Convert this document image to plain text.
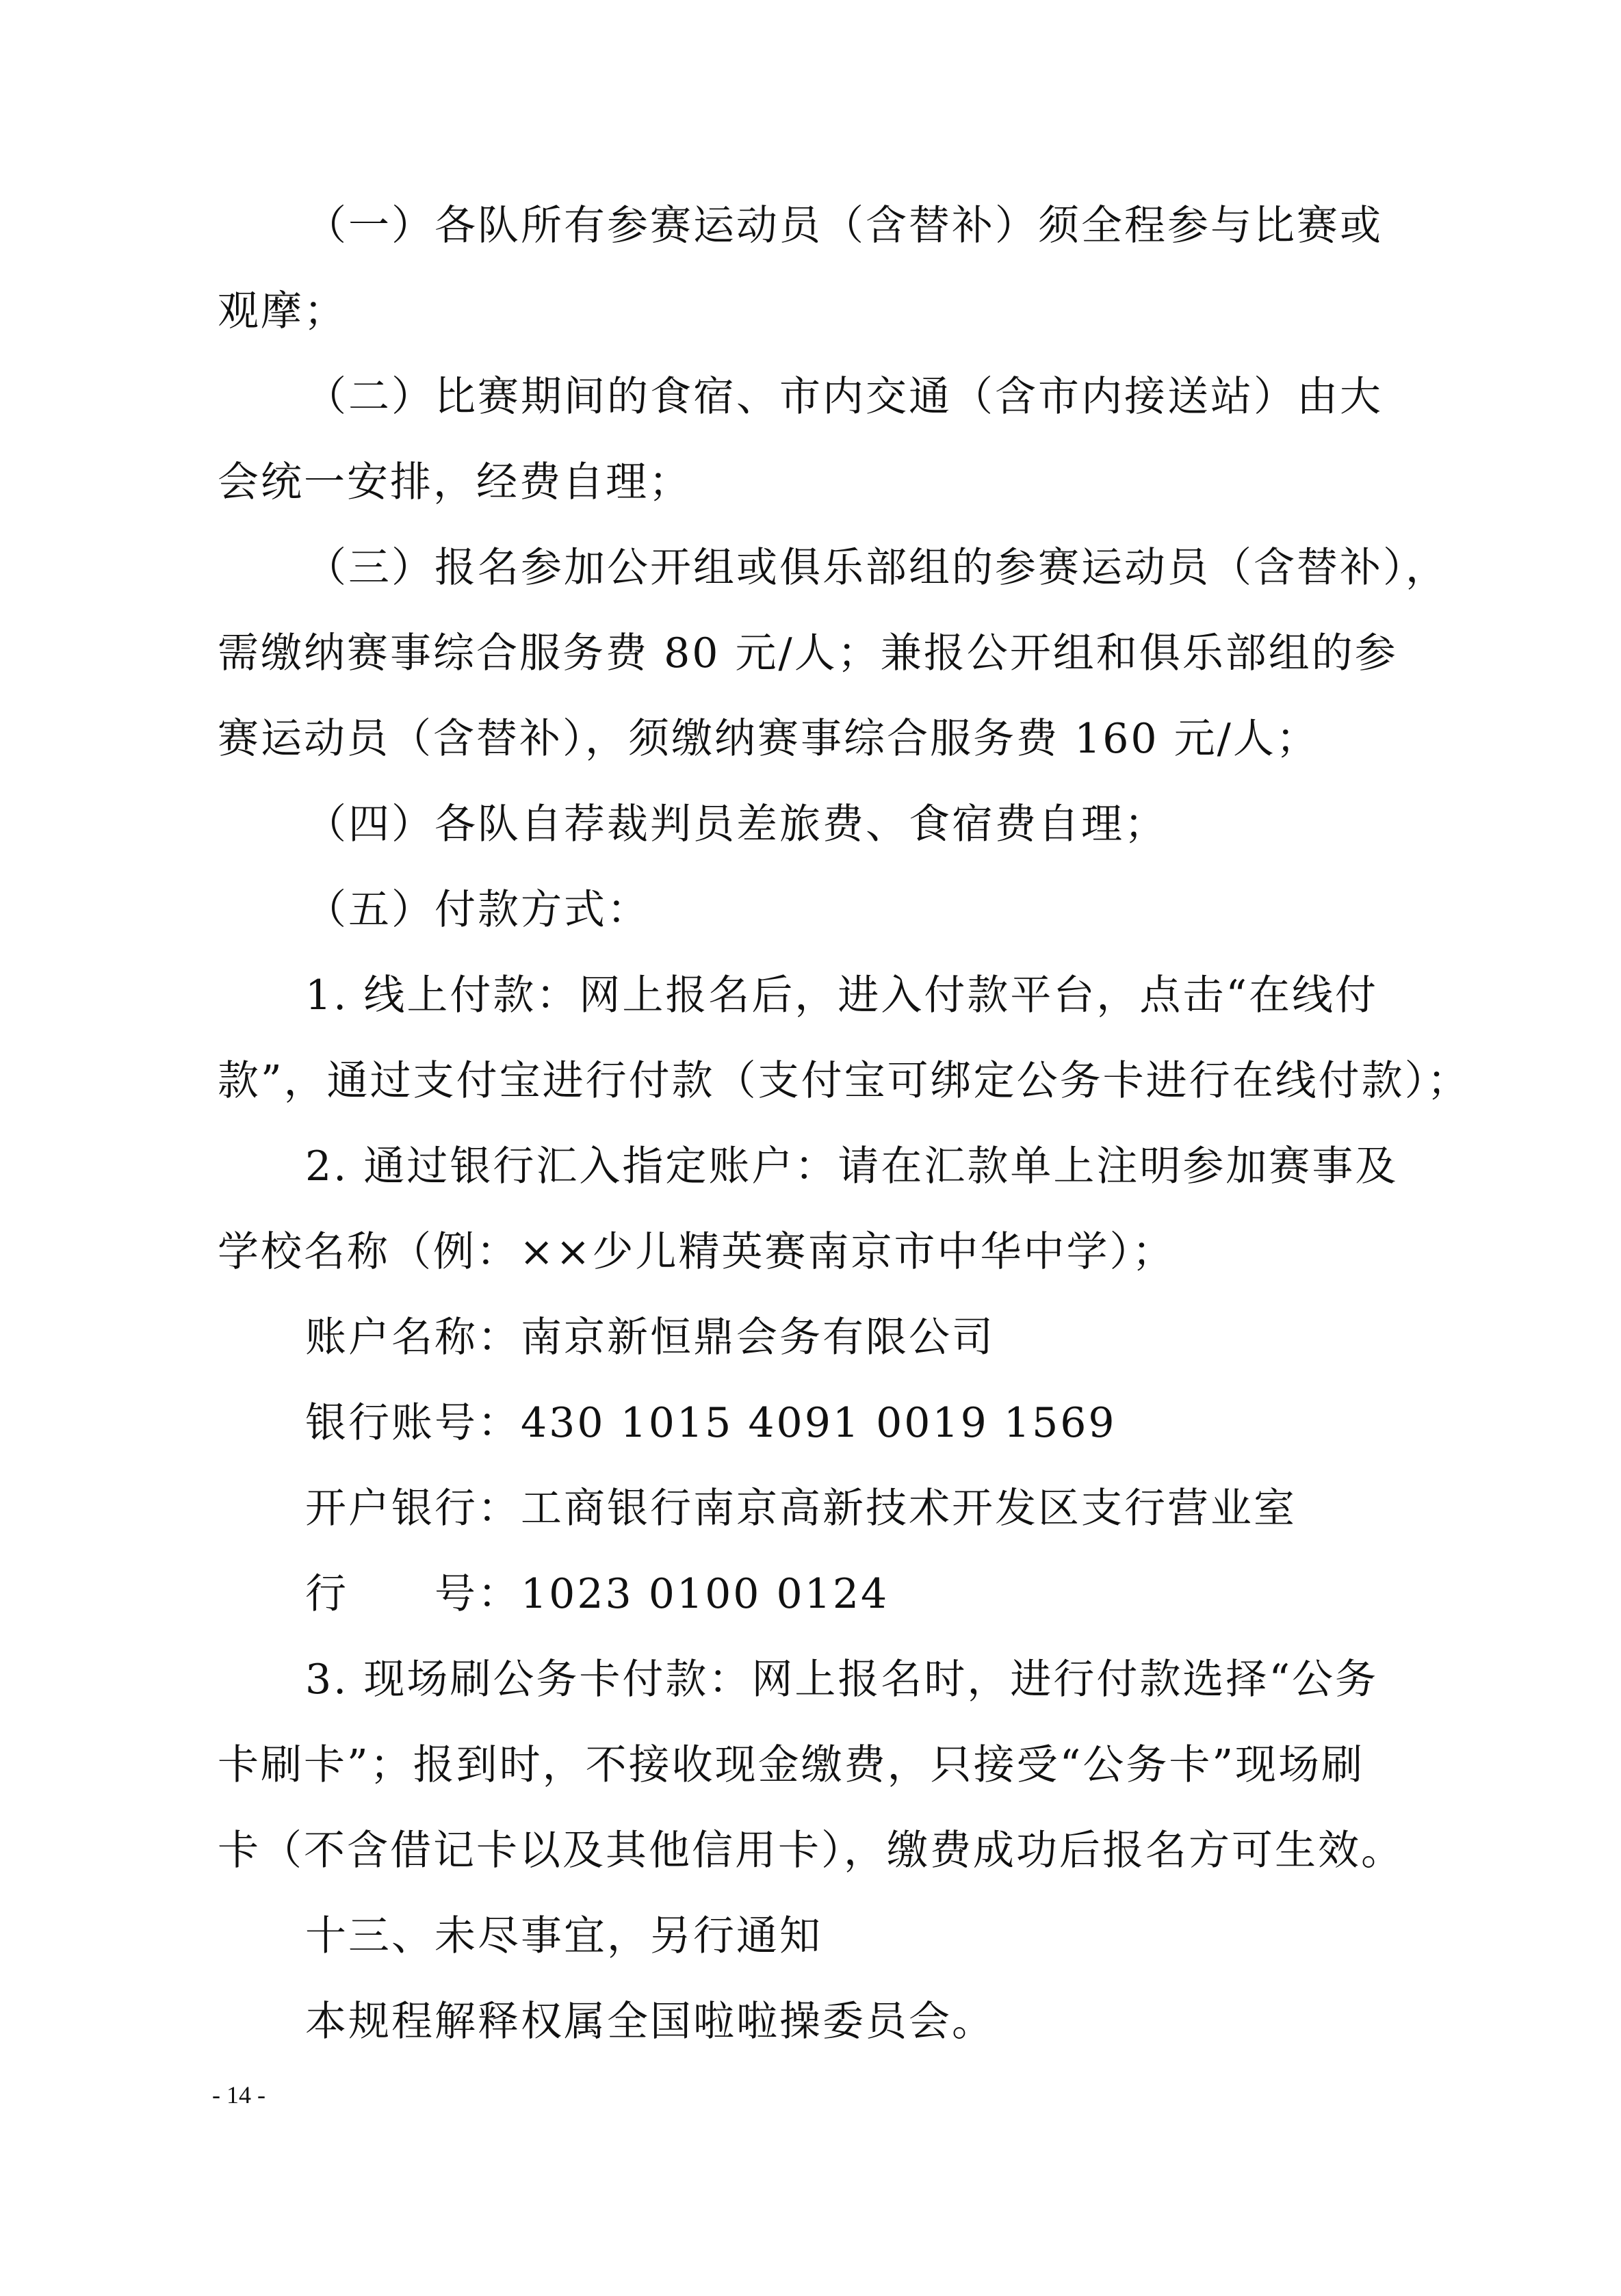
（一）各队所有参赛运动员（含替补）须全程参与比赛或

观摩；

（二）比赛期间的食宿、市内交通（含市内接送站）由大

会统一安排，经费自理；

（三）报名参加公开组或俱乐部组的参赛运动员（含替补），

需缴纳赛事综合服务费 80 元/人；兼报公开组和俱乐部组的参

赛运动员（含替补），须缴纳赛事综合服务费 160 元/人；

（四）各队自荐裁判员差旅费、食宿费自理；

（五）付款方式：

1. 线上付款：网上报名后，进入付款平台，点击“在线付

款”，通过支付宝进行付款（支付宝可绑定公务卡进行在线付款）；

2. 通过银行汇入指定账户：请在汇款单上注明参加赛事及

学校名称（例：××少儿精英赛南京市中华中学）；

账户名称：南京新恒鼎会务有限公司

银行账号：430 1015 4091 0019 1569

开户银行：工商银行南京高新技术开发区支行营业室

行　　号：1023 0100 0124

3. 现场刷公务卡付款：网上报名时，进行付款选择“公务

卡刷卡”；报到时，不接收现金缴费，只接受“公务卡”现场刷

卡（不含借记卡以及其他信用卡），缴费成功后报名方可生效。

十三、未尽事宜，另行通知

本规程解释权属全国啦啦操委员会。

- 14 -
